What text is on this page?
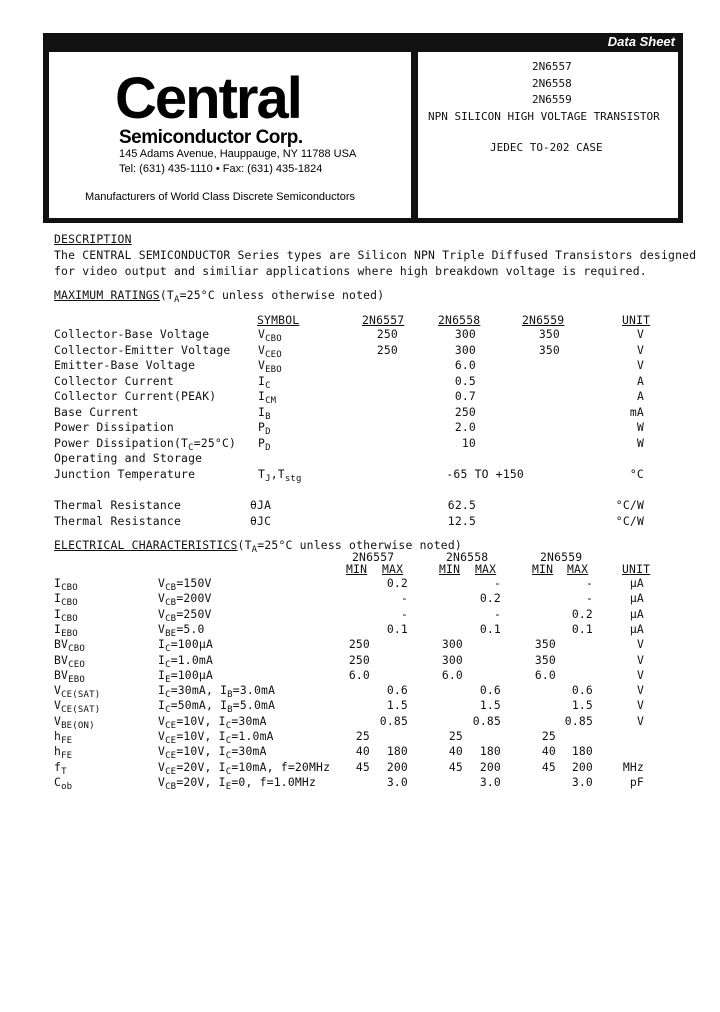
Data Sheet
Central
Semiconductor Corp.
145 Adams Avenue, Hauppauge, NY 11788 USA
Tel: (631) 435-1110 • Fax: (631) 435-1824
Manufacturers of World Class Discrete Semiconductors
2N6557
2N6558
2N6559
NPN SILICON HIGH VOLTAGE TRANSISTOR
JEDEC TO-202 CASE
DESCRIPTION
The CENTRAL SEMICONDUCTOR Series types are Silicon NPN Triple Diffused Transistors designed
for video output and similiar applications where high breakdown voltage is required.
MAXIMUM $RATINGS(T_A=25^\circ C$ unless otherwise noted)
SYMBOL	2N6557	2N6558	2N6559	UNIT
Collector-Base Voltage	$V_{CBO}$	250	300	350	V
Collector-Emitter Voltage $V_{CEO}$	250	300	350	V
Emitter-Base Voltage	$V_{EBO}$	6.0	V
Collector Current	$I_C$	0.5	A
Collector Current(PEAK)	$I_{CM}$	0.7	A
Base Current	$I_B$	250	mA
Power Dissipation	$P_D$	2.0	W
Power $Dissipation(T_C=25^\circ C)$ $P_D$	10	W
Operating and Storage
Junction Temperature	$T_J,T_{stg}$	-65 TO +150	°C
Thermal Resistance	θJA	62.5	°C/W
Thermal Resistance	θJC	12.5	°C/W
ELECTRICAL $CHARACTERISTICS(T_A=25^\circ C$ unless otherwise noted)
2N6557	2N6558	2N6559
MIN MAX	MIN MAX	MIN MAX	UNIT
$I_{CBO}$	$V_{CB}=150V$	0.2	-	-	μA
$I_{CBO}$	$V_{CB}=200V$	-	0.2	-	μA
$I_{CBO}$	$V_{CB}=250V$	-	-	0.2	μA
$I_{EBO}$	$V_{BE}=5.0$	0.1	0.1	0.1	μA
$BV_{CBO}$	$I_C=100\mu A$	250	300	350	V
$BV_{CEO}$	$I_C=1.0mA$	250	300	350	V
$BV_{EBO}$	$I_E=100\mu A$	6.0	6.0	6.0	V
$V_{CE(SAT)}$	$I_C=30mA$, $I_B=3.0mA$	0.6	0.6	0.6	V
$V_{CE(SAT)}$	$I_C=50mA$, $I_B=5.0mA$	1.5	1.5	1.5	V
$V_{BE(ON)}$	$V_{CE}=10V$, $I_C=30mA$	0.85	0.85	0.85	V
$h_{FE}$	$V_{CE}=10V$, $I_C=1.0mA$	25	25	25
$h_{FE}$	$V_{CE}=10V$, $I_C=30mA$	40	180	40	180	40	180
$f_T$	$V_{CE}=20V$, $I_C=10mA$, f=20MHz	45	200	45	200	45	200	MHz
$C_{ob}$	$V_{CB}=20V$, $I_E=0$, f=1.0MHz	3.0	3.0	3.0	pF
